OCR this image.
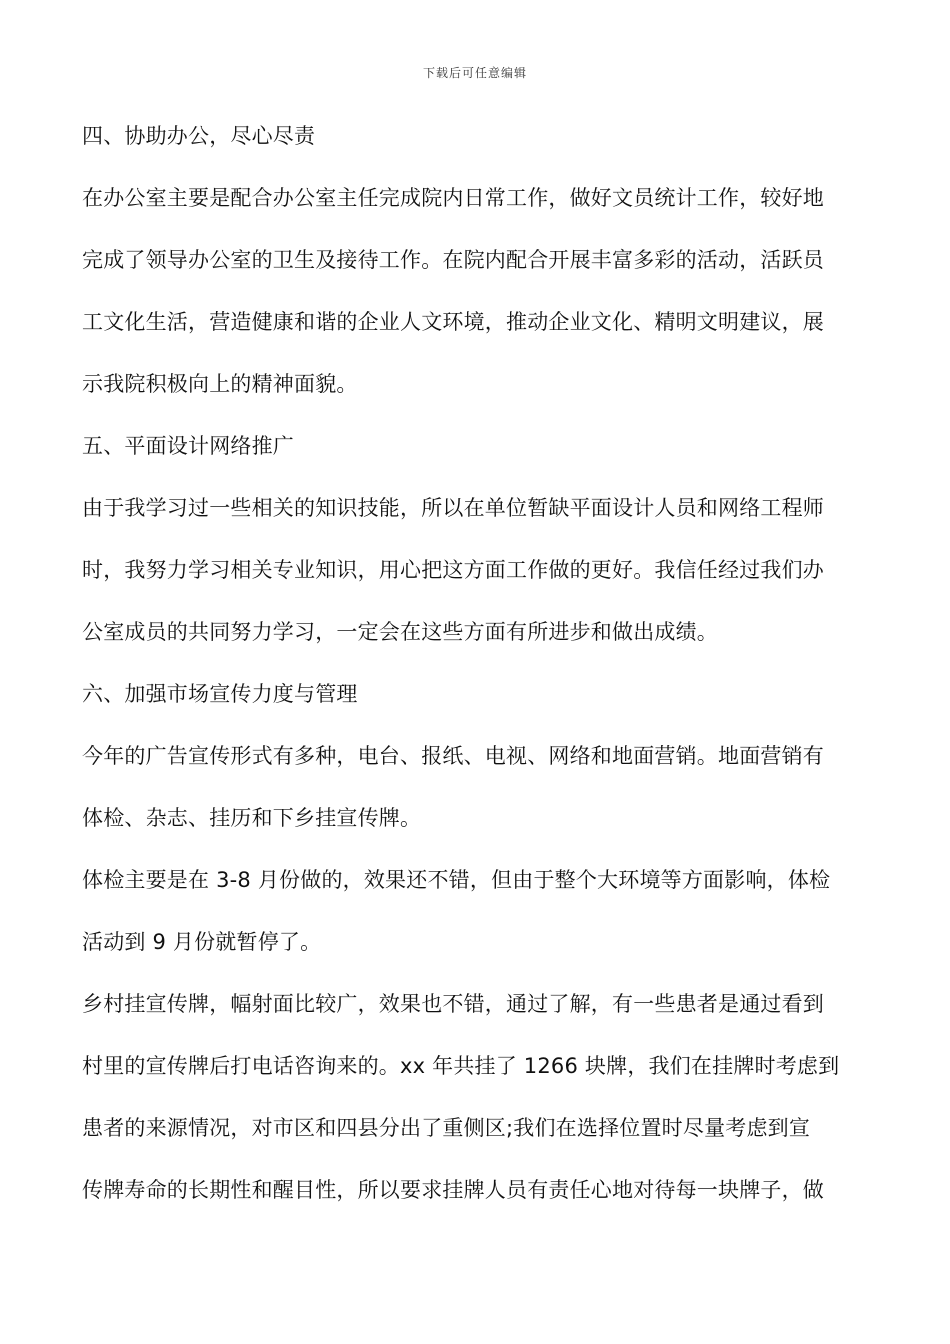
下载后可任意编辑
四、协助办公，尽心尽责
在办公室主要是配合办公室主任完成院内日常工作，做好文员统计工作，较好地
完成了领导办公室的卫生及接待工作。在院内配合开展丰富多彩的活动，活跃员
工文化生活，营造健康和谐的企业人文环境，推动企业文化、精明文明建议，展
示我院积极向上的精神面貌。
五、平面设计网络推广
由于我学习过一些相关的知识技能，所以在单位暂缺平面设计人员和网络工程师
时，我努力学习相关专业知识，用心把这方面工作做的更好。我信任经过我们办
公室成员的共同努力学习，一定会在这些方面有所进步和做出成绩。
六、加强市场宣传力度与管理
今年的广告宣传形式有多种，电台、报纸、电视、网络和地面营销。地面营销有
体检、杂志、挂历和下乡挂宣传牌。
体检主要是在 3-8 月份做的，效果还不错，但由于整个大环境等方面影响，体检
活动到 9 月份就暂停了。
乡村挂宣传牌，幅射面比较广，效果也不错，通过了解，有一些患者是通过看到
村里的宣传牌后打电话咨询来的。xx 年共挂了 1266 块牌，我们在挂牌时考虑到
患者的来源情况，对市区和四县分出了重侧区;我们在选择位置时尽量考虑到宣
传牌寿命的长期性和醒目性，所以要求挂牌人员有责任心地对待每一块牌子，做
